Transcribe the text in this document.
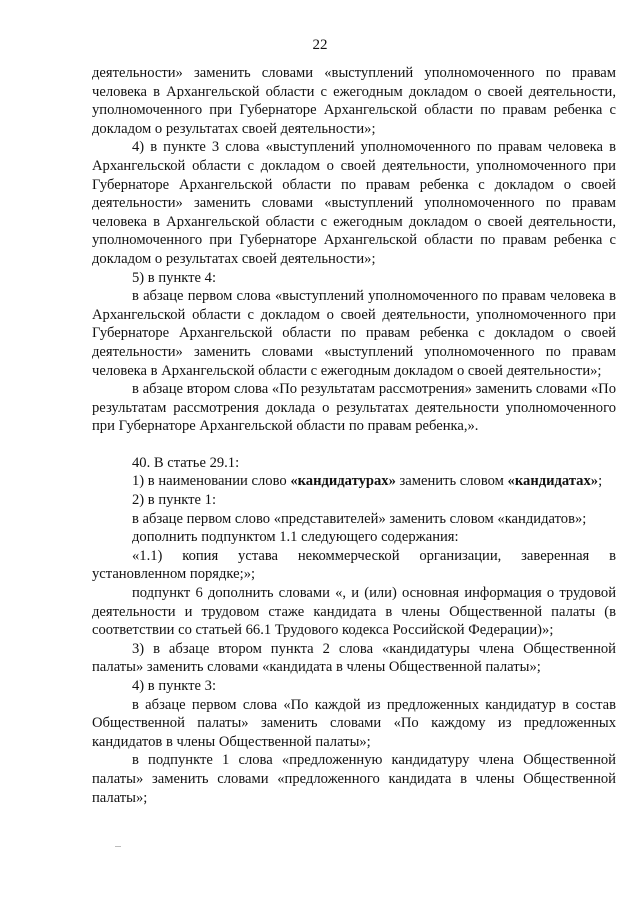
22

деятельности» заменить словами «выступлений уполномоченного по правам человека в Архангельской области с ежегодным докладом о своей деятельности, уполномоченного при Губернаторе Архангельской области по правам ребенка с докладом о результатах своей деятельности»;

4) в пункте 3 слова «выступлений уполномоченного по правам человека в Архангельской области с докладом о своей деятельности, уполномоченного при Губернаторе Архангельской области по правам ребенка с докладом о своей деятельности» заменить словами «выступлений уполномоченного по правам человека в Архангельской области с ежегодным докладом о своей деятельности, уполномоченного при Губернаторе Архангельской области по правам ребенка с докладом о результатах своей деятельности»;

5) в пункте 4:

в абзаце первом слова «выступлений уполномоченного по правам человека в Архангельской области с докладом о своей деятельности, уполномоченного при Губернаторе Архангельской области по правам ребенка с докладом о своей деятельности» заменить словами «выступлений уполномоченного по правам человека в Архангельской области с ежегодным докладом о своей деятельности»;

в абзаце втором слова «По результатам рассмотрения» заменить словами «По результатам рассмотрения доклада о результатах деятельности уполномоченного при Губернаторе Архангельской области по правам ребенка,».

40. В статье 29.1:

1) в наименовании слово «кандидатурах» заменить словом «кандидатах»;

2) в пункте 1:

в абзаце первом слово «представителей» заменить словом «кандидатов»;

дополнить подпунктом 1.1 следующего содержания:

«1.1) копия устава некоммерческой организации, заверенная в установленном порядке;»;

подпункт 6 дополнить словами «, и (или) основная информация о трудовой деятельности и трудовом стаже кандидата в члены Общественной палаты (в соответствии со статьей 66.1 Трудового кодекса Российской Федерации)»;

3) в абзаце втором пункта 2 слова «кандидатуры члена Общественной палаты» заменить словами «кандидата в члены Общественной палаты»;

4) в пункте 3:

в абзаце первом слова «По каждой из предложенных кандидатур в состав Общественной палаты» заменить словами «По каждому из предложенных кандидатов в члены Общественной палаты»;

в подпункте 1 слова «предложенную кандидатуру члена Общественной палаты» заменить словами «предложенного кандидата в члены Общественной палаты»;
